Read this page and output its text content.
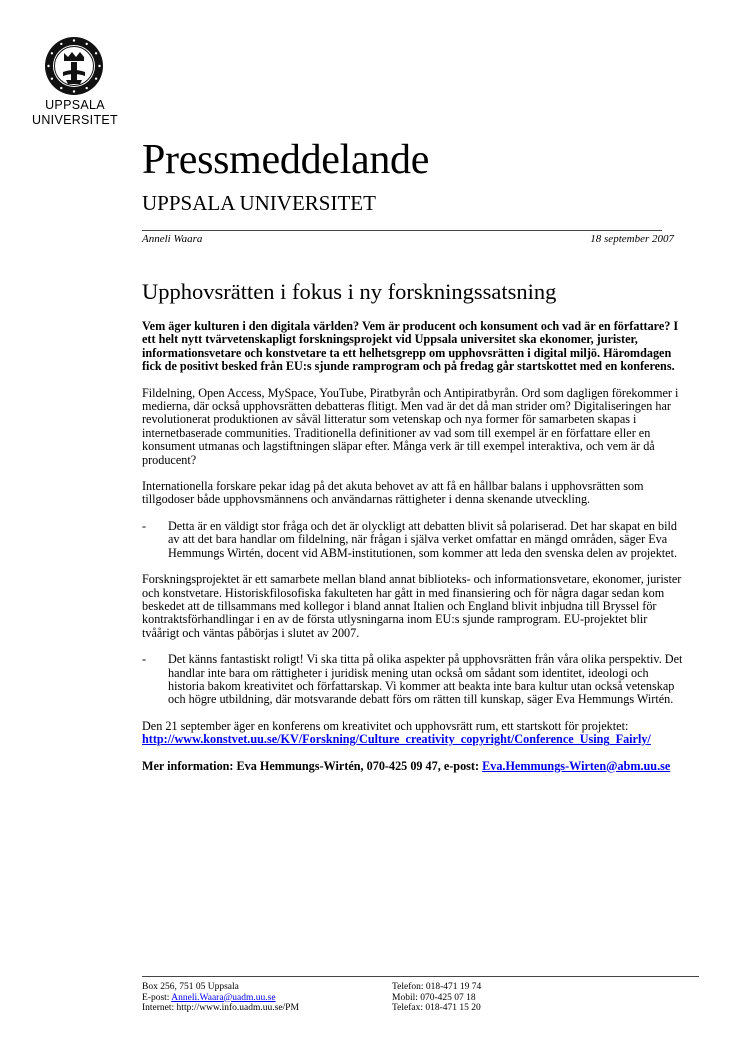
UPPSALA
UNIVERSITET
Pressmeddelande
UPPSALA UNIVERSITET
Anneli Waara	18 september 2007
Upphovsrätten i fokus i ny forskningssatsning

Vem äger kulturen i den digitala världen? Vem är producent och konsument och vad är en författare? I ett helt nytt tvärvetenskapligt forskningsprojekt vid Uppsala universitet ska ekonomer, jurister, informationsvetare och konstvetare ta ett helhetsgrepp om upphovsrätten i digital miljö. Häromdagen fick de positivt besked från EU:s sjunde ramprogram och på fredag går startskottet med en konferens.

Fildelning, Open Access, MySpace, YouTube, Piratbyrån och Antipiratbyrån. Ord som dagligen förekommer i medierna, där också upphovsrätten debatteras flitigt. Men vad är det då man strider om? Digitaliseringen har revolutionerat produktionen av såväl litteratur som vetenskap och nya former för samarbeten skapas i internetbaserade communities. Traditionella definitioner av vad som till exempel är en författare eller en konsument utmanas och lagstiftningen släpar efter. Många verk är till exempel interaktiva, och vem är då producent?

Internationella forskare pekar idag på det akuta behovet av att få en hållbar balans i upphovsrätten som tillgodoser både upphovsmännens och användarnas rättigheter i denna skenande utveckling.

-	Detta är en väldigt stor fråga och det är olyckligt att debatten blivit så polariserad. Det har skapat en bild av att det bara handlar om fildelning, när frågan i själva verket omfattar en mängd områden, säger Eva Hemmungs Wirtén, docent vid ABM-institutionen, som kommer att leda den svenska delen av projektet.

Forskningsprojektet är ett samarbete mellan bland annat biblioteks- och informationsvetare, ekonomer, jurister och konstvetare. Historiskfilosofiska fakulteten har gått in med finansiering och för några dagar sedan kom beskedet att de tillsammans med kollegor i bland annat Italien och England blivit inbjudna till Bryssel för kontraktsförhandlingar i en av de första utlysningarna inom EU:s sjunde ramprogram. EU-projektet blir tvåårigt och väntas påbörjas i slutet av 2007.

-	Det känns fantastiskt roligt! Vi ska titta på olika aspekter på upphovsrätten från våra olika perspektiv. Det handlar inte bara om rättigheter i juridisk mening utan också om sådant som identitet, ideologi och historia bakom kreativitet och författarskap. Vi kommer att beakta inte bara kultur utan också vetenskap och högre utbildning, där motsvarande debatt förs om rätten till kunskap, säger Eva Hemmungs Wirtén.

Den 21 september äger en konferens om kreativitet och upphovsrätt rum, ett startskott för projektet:
http://www.konstvet.uu.se/KV/Forskning/Culture_creativity_copyright/Conference_Using_Fairly/

Mer information: Eva Hemmungs-Wirtén, 070-425 09 47, e-post: Eva.Hemmungs-Wirten@abm.uu.se

Box 256, 751 05 Uppsala
E-post: Anneli.Waara@uadm.uu.se
Internet: http://www.info.uadm.uu.se/PM
Telefon: 018-471 19 74
Mobil: 070-425 07 18
Telefax: 018-471 15 20
